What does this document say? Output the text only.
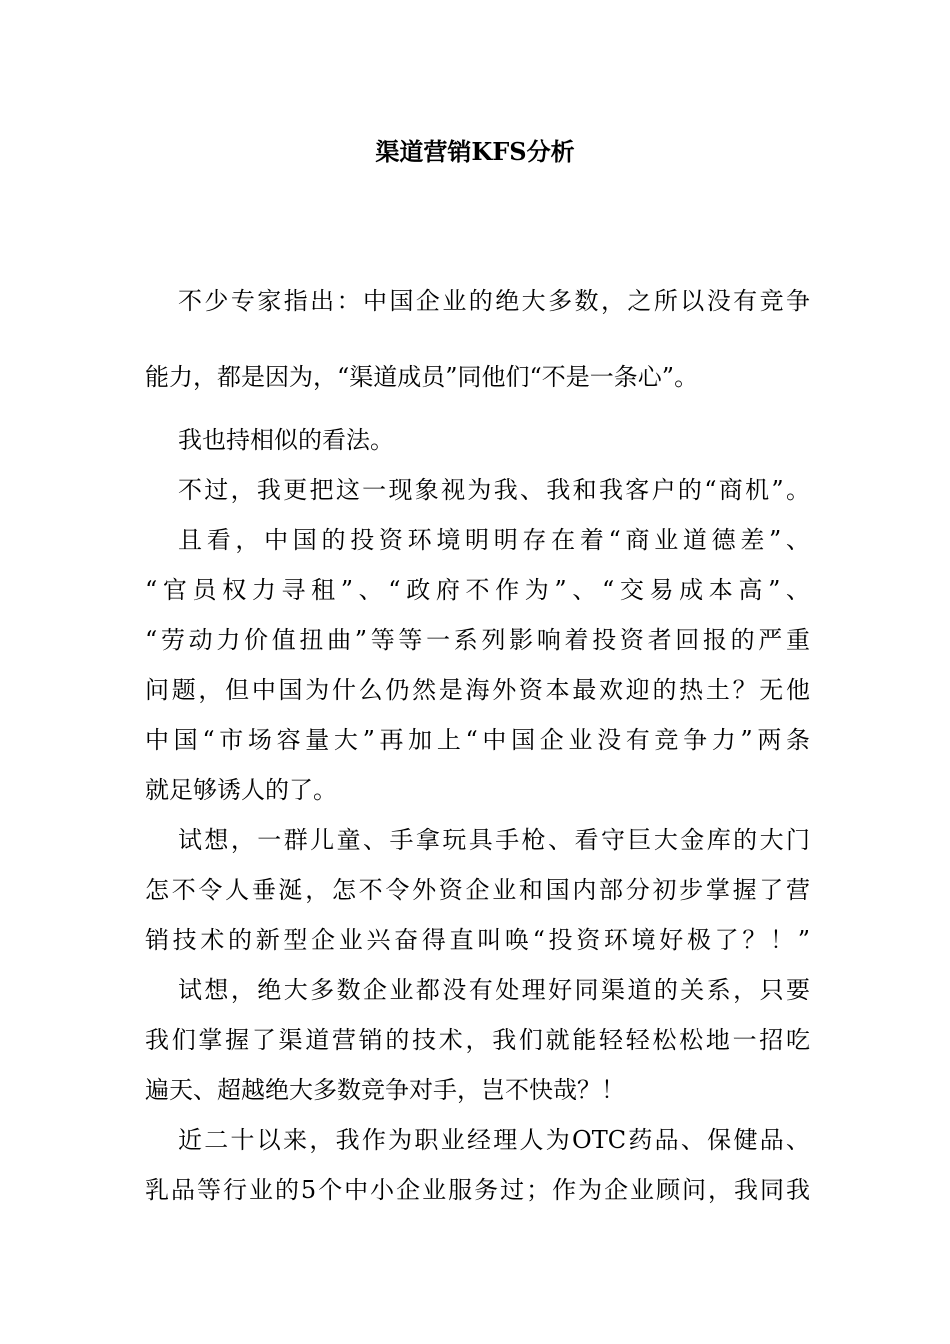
渠道营销KFS分析
不少专家指出：中国企业的绝大多数，之所以没有竞争
能力，都是因为，“渠道成员”同他们“不是一条心”。
我也持相似的看法。
不过，我更把这一现象视为我、我和我客户的“商机”。
且看，中国的投资环境明明存在着“商业道德差”、
“官员权力寻租”、“政府不作为”、“交易成本高”、
“劳动力价值扭曲”等等一系列影响着投资者回报的严重
问题，但中国为什么仍然是海外资本最欢迎的热土？无他
中国“市场容量大”再加上“中国企业没有竞争力”两条
就足够诱人的了。
试想，一群儿童、手拿玩具手枪、看守巨大金库的大门
怎不令人垂涎，怎不令外资企业和国内部分初步掌握了营
销技术的新型企业兴奋得直叫唤“投资环境好极了？！”
试想，绝大多数企业都没有处理好同渠道的关系，只要
我们掌握了渠道营销的技术，我们就能轻轻松松地一招吃
遍天、超越绝大多数竞争对手，岂不快哉？！
近二十以来，我作为职业经理人为OTC药品、保健品、
乳品等行业的5个中小企业服务过；作为企业顾问，我同我
